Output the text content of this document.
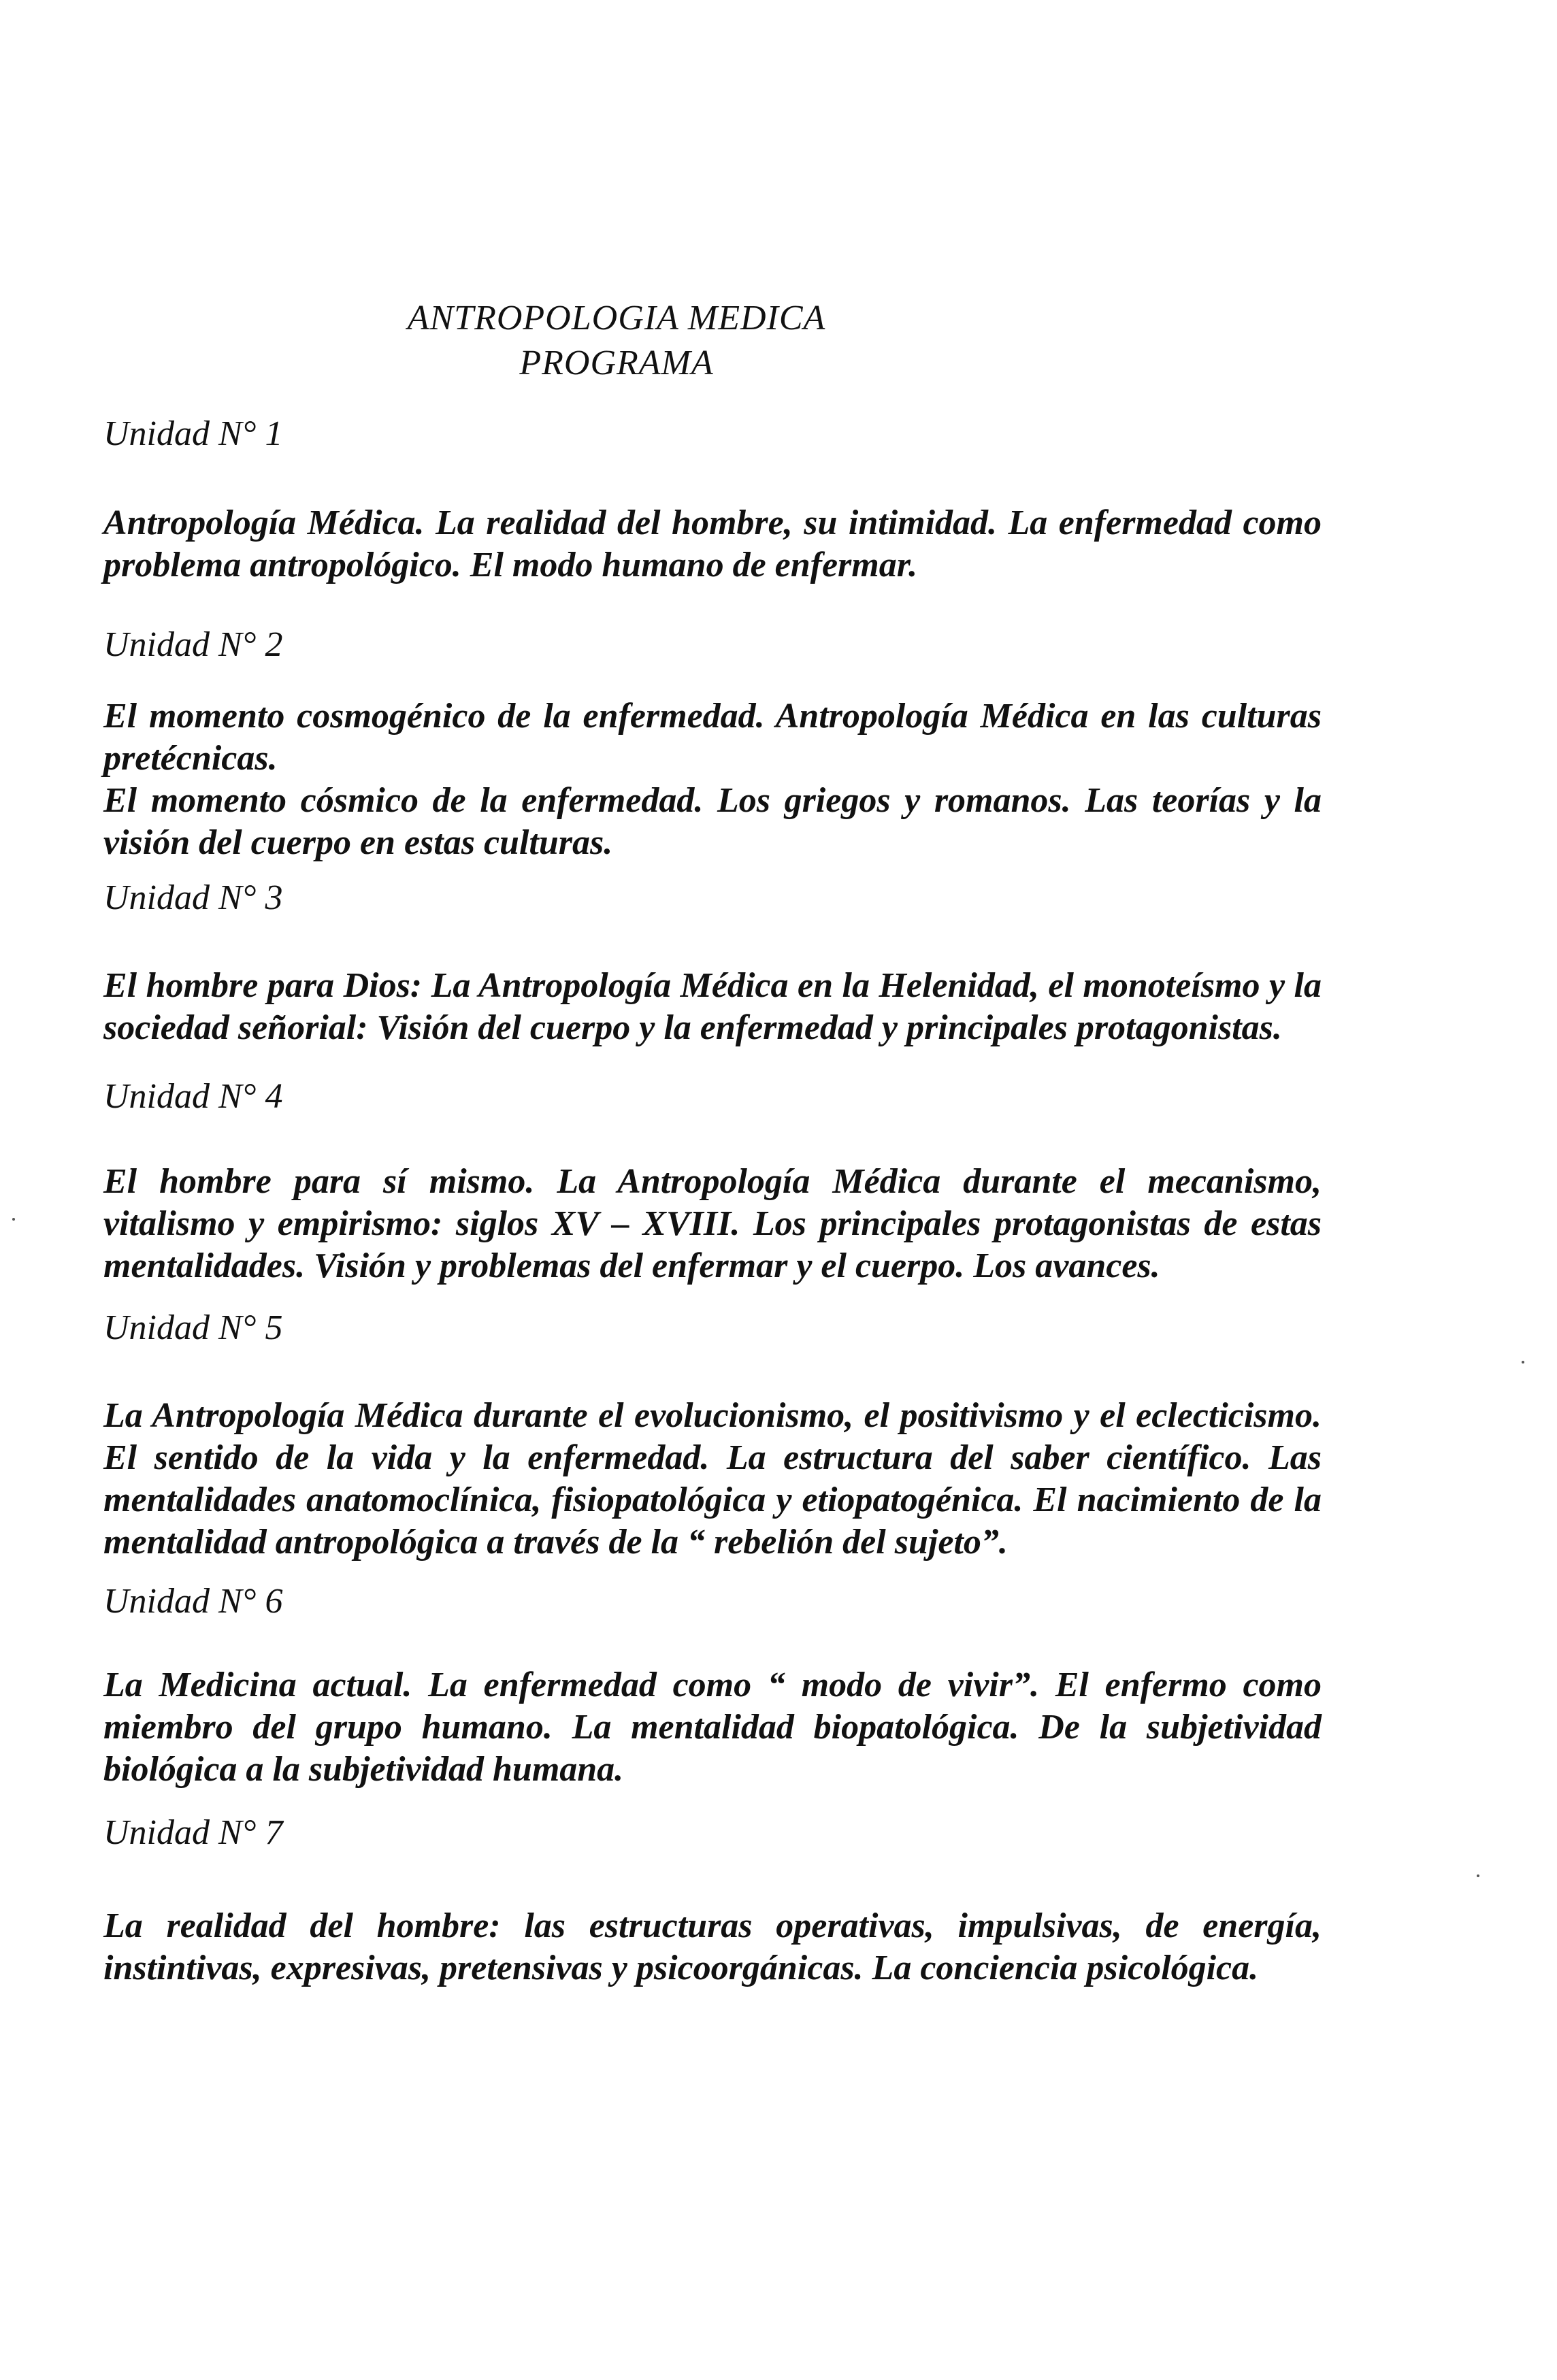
ANTROPOLOGIA MEDICA
PROGRAMA
Unidad N° 1
Antropología Médica. La realidad del hombre, su intimidad. La enfermedad como problema antropológico. El modo humano de enfermar.
Unidad N° 2
El momento cosmogénico de la enfermedad. Antropología Médica en las culturas pretécnicas.
El momento cósmico de la enfermedad. Los griegos y romanos. Las teorías y la visión del cuerpo en estas culturas.
Unidad N° 3
El hombre para Dios: La Antropología Médica en la Helenidad, el monoteísmo y la sociedad señorial: Visión del cuerpo y la enfermedad y principales protagonistas.
Unidad N° 4
El hombre para sí mismo. La Antropología Médica durante el mecanismo, vitalismo y empirismo: siglos XV – XVIII. Los principales protagonistas de estas mentalidades. Visión y problemas del enfermar y el cuerpo. Los avances.
Unidad N° 5
La Antropología Médica durante el evolucionismo, el positivismo y el eclecticismo. El sentido de la vida y la enfermedad. La estructura del saber científico. Las mentalidades anatomoclínica, fisiopatológica y etiopatogénica. El nacimiento de la mentalidad antropológica a través de la “ rebelión del sujeto”.
Unidad N° 6
La Medicina actual. La enfermedad como “ modo de vivir”. El enfermo como miembro del grupo humano. La mentalidad biopatológica. De la subjetividad biológica a la subjetividad humana.
Unidad N° 7
La realidad del hombre: las estructuras operativas, impulsivas, de energía, instintivas, expresivas, pretensivas y psicoorgánicas. La conciencia psicológica.
